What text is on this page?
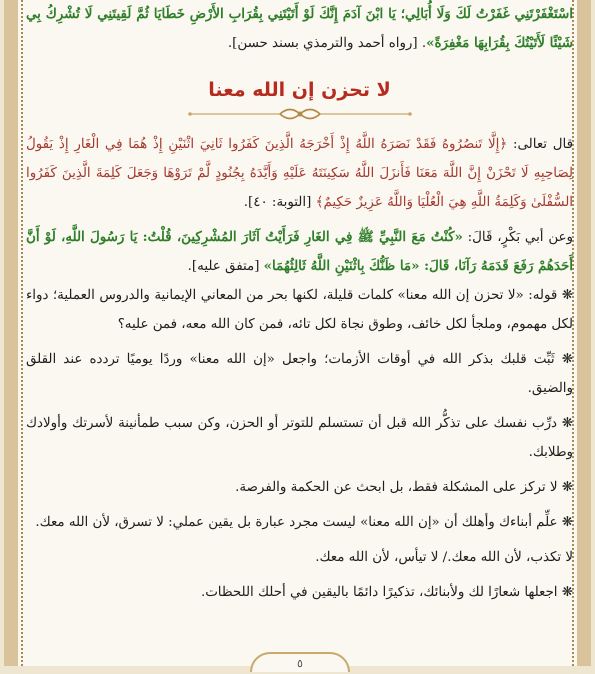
اسْتَغْفَرْتَنِي غَفَرْتُ لَكَ وَلَا أُبَالِي؛ يَا ابْنَ آدَمَ إِنَّكَ لَوْ أَتَيْتَنِي بِقُرَابِ الأَرْضِ خَطَايَا ثُمَّ لَقِيتَنِي لَا تُشْرِكُ بِي شَيْئًا لَأَتَيْتُكَ بِقُرَابِهَا مَغْفِرَةً». [رواه أحمد والترمذي بسند حسن].

لا تحزن إن الله معنا

قال تعالى: ﴿إِلَّا تَنصُرُوهُ فَقَدْ نَصَرَهُ اللَّهُ إِذْ أَخْرَجَهُ الَّذِينَ كَفَرُوا ثَانِيَ اثْنَيْنِ إِذْ هُمَا فِي الْغَارِ إِذْ يَقُولُ لِصَاحِبِهِ لَا تَحْزَنْ إِنَّ اللَّهَ مَعَنَا فَأَنزَلَ اللَّهُ سَكِينَتَهُ عَلَيْهِ وَأَيَّدَهُ بِجُنُودٍ لَّمْ تَرَوْهَا وَجَعَلَ كَلِمَةَ الَّذِينَ كَفَرُوا السُّفْلَىٰ وَكَلِمَةُ اللَّهِ هِيَ الْعُلْيَا وَاللَّهُ عَزِيزٌ حَكِيمٌ﴾ [التوبة: ٤٠].

وعن أبي بَكْرٍ، قَالَ: «كُنْتُ مَعَ النَّبِيِّ ﷺ فِي الغَارِ فَرَأَيْتُ آثَارَ المُشْرِكِينَ، قُلْتُ: يَا رَسُولَ اللَّهِ، لَوْ أَنَّ أَحَدَهُمْ رَفَعَ قَدَمَهُ رَآنَا، قَالَ: «مَا ظَنُّكَ بِاثْنَيْنِ اللَّهُ ثَالِثُهُمَا» [متفق عليه].

❋ قوله: «لا تحزن إن الله معنا» كلمات قليلة، لكنها بحر من المعاني الإيمانية والدروس العملية؛ دواء لكل مهموم، وملجأ لكل خائف، وطوق نجاة لكل تائه، فمن كان الله معه، فمن عليه؟

❋ ثَبِّت قلبك بذكر الله في أوقات الأزمات؛ واجعل «إن الله معنا» وردًا يوميًا تردده عند القلق والضيق.

❋ درِّب نفسك على تذكُّر الله قبل أن تستسلم للتوتر أو الحزن، وكن سبب طمأنينة لأسرتك وأولادك وطلابك.

❋ لا تركز على المشكلة فقط، بل ابحث عن الحكمة والفرصة.

❋ علِّم أبناءك وأهلك أن «إن الله معنا» ليست مجرد عبارة بل يقين عملي: لا تسرق، لأن الله معك.

لا تكذب، لأن الله معك./ لا تيأس، لأن الله معك.

❋ اجعلها شعارًا لك ولأبنائك، تذكيرًا دائمًا باليقين في أحلك اللحظات.

٥
